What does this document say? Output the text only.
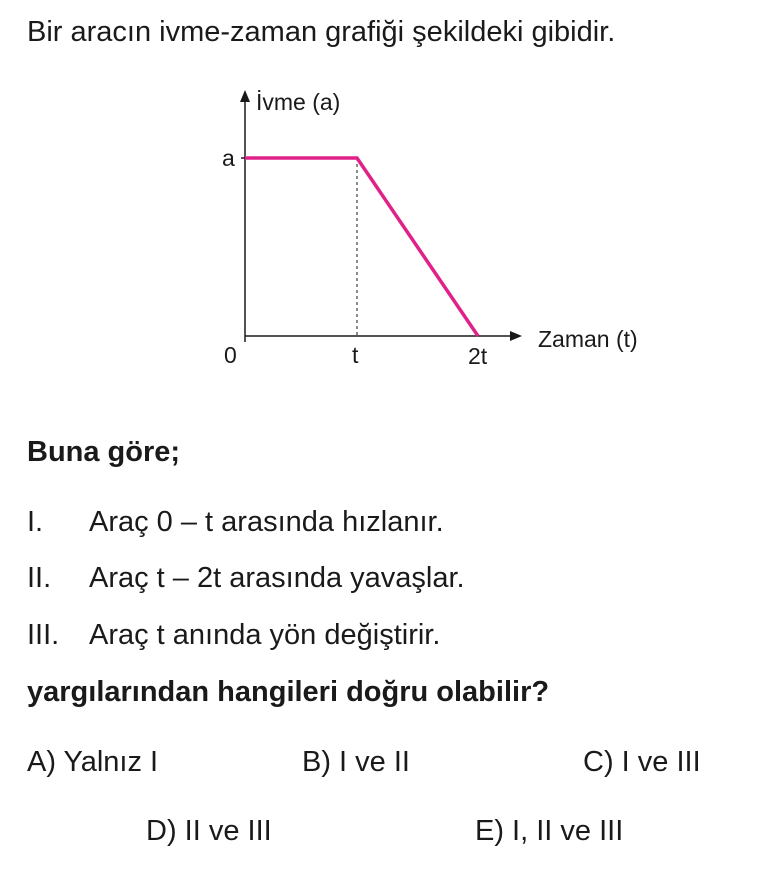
Bir aracın ivme-zaman grafiği şekildeki gibidir.
İvme (a)
a
0	t	2t
Zaman (t)
Buna göre;
I. Araç 0 – t arasında hızlanır.
II. Araç t – 2t arasında yavaşlar.
III. Araç t anında yön değiştirir.
yargılarından hangileri doğru olabilir?
A) Yalnız I	B) I ve II	C) I ve III
D) II ve III	E) I, II ve III
